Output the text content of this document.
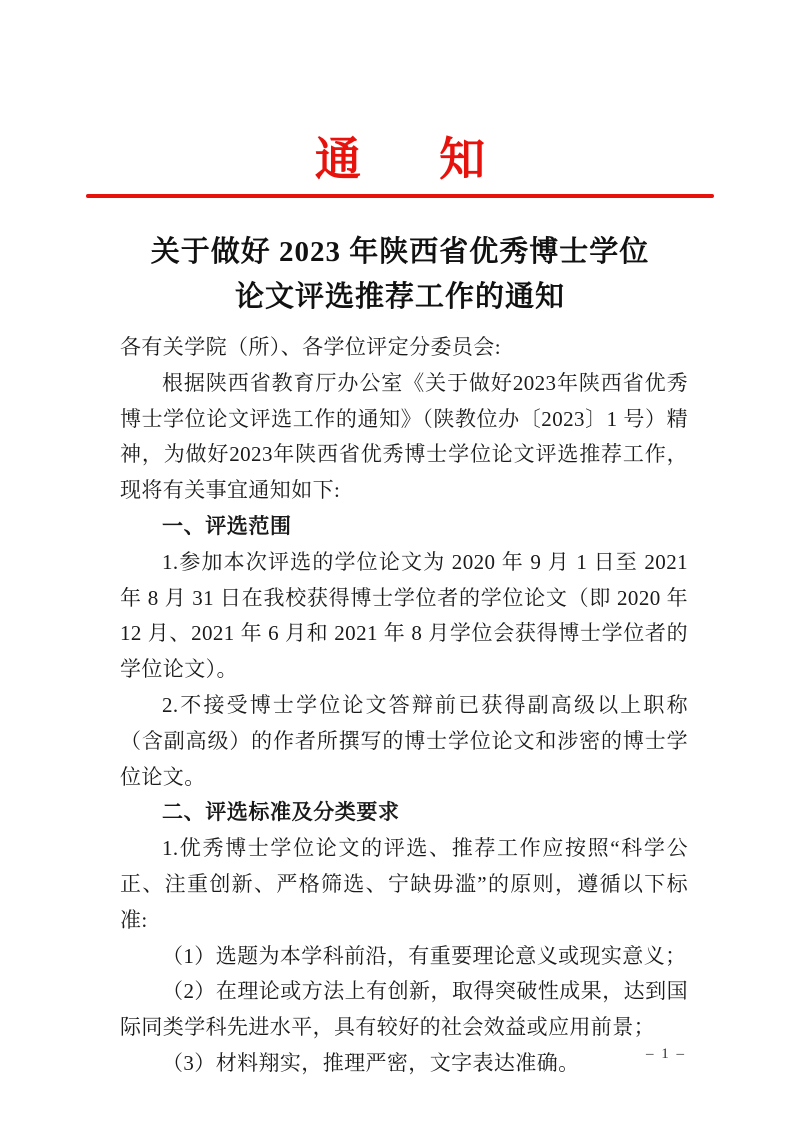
通　知
关于做好 2023 年陕西省优秀博士学位
论文评选推荐工作的通知

各有关学院（所）、各学位评定分委员会:

根据陕西省教育厅办公室《关于做好2023年陕西省优秀博士学位论文评选工作的通知》（陕教位办〔2023〕1 号）精神，为做好2023年陕西省优秀博士学位论文评选推荐工作，现将有关事宜通知如下:

一、评选范围

1.参加本次评选的学位论文为 2020 年 9 月 1 日至 2021 年 8 月 31 日在我校获得博士学位者的学位论文（即 2020 年 12 月、2021 年 6 月和 2021 年 8 月学位会获得博士学位者的学位论文）。

2.不接受博士学位论文答辩前已获得副高级以上职称（含副高级）的作者所撰写的博士学位论文和涉密的博士学位论文。

二、评选标准及分类要求

1.优秀博士学位论文的评选、推荐工作应按照“科学公正、注重创新、严格筛选、宁缺毋滥”的原则，遵循以下标准:

（1）选题为本学科前沿，有重要理论意义或现实意义；

（2）在理论或方法上有创新，取得突破性成果，达到国际同类学科先进水平，具有较好的社会效益或应用前景；

（3）材料翔实，推理严密，文字表达准确。	– 1 –
